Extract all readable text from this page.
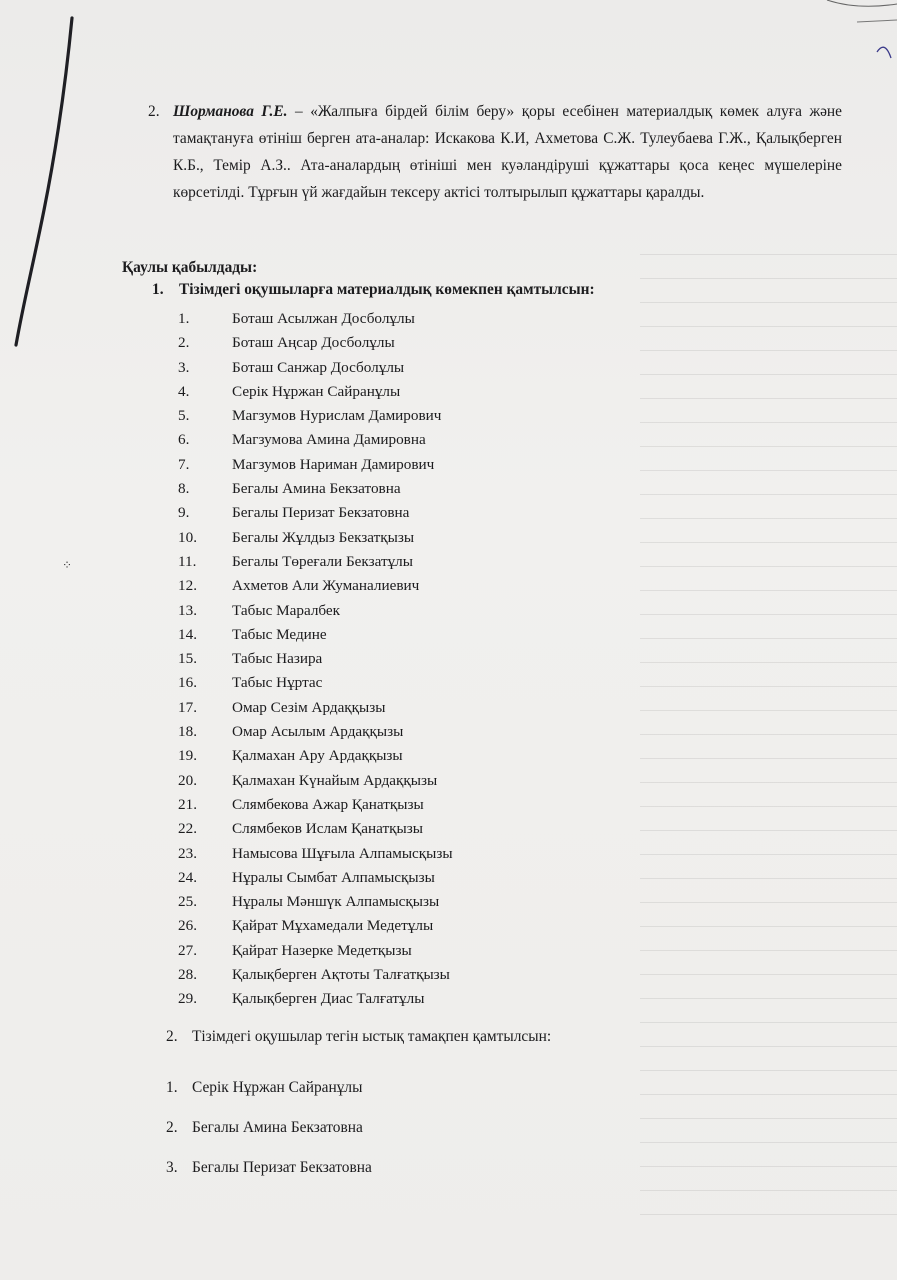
⁘
2. Шорманова Г.Е. – «Жалпыға бірдей білім беру» қоры есебінен материалдық көмек алуға және тамақтануға өтініш берген ата-аналар: Искакова К.И, Ахметова С.Ж. Тулеубаева Г.Ж., Қалықберген К.Б., Темір А.З.. Ата-аналардың өтініші мен куәландіруші құжаттары қоса кеңес мүшелеріне көрсетілді. Тұрғын үй жағдайын тексеру актісі толтырылып құжаттары қаралды.
Қаулы қабылдады:
1. Тізімдегі оқушыларға материалдық көмекпен қамтылсын:
1.	Боташ Асылжан Досболұлы
2.	Боташ Аңсар Досболұлы
3.	Боташ Санжар Досболұлы
4.	Серік Нұржан Сайранұлы
5.	Магзумов Нурислам Дамирович
6.	Магзумова Амина Дамировна
7.	Магзумов Нариман Дамирович
8.	Бегалы Амина Бекзатовна
9.	Бегалы Перизат Бекзатовна
10. Бегалы Жұлдыз Бекзатқызы
11. Бегалы Төреғали Бекзатұлы
12. Ахметов Али Жуманалиевич
13. Табыс Маралбек
14. Табыс Медине
15. Табыс Назира
16. Табыс Нұртас
17. Омар Сезім Ардаққызы
18. Омар Асылым Ардаққызы
19. Қалмахан Ару Ардаққызы
20. Қалмахан Күнайым Ардаққызы
21. Слямбекова Ажар Қанатқызы
22. Слямбеков Ислам Қанатқызы
23. Намысова Шұғыла Алпамысқызы
24. Нұралы Сымбат Алпамысқызы
25. Нұралы Мәншүк Алпамысқызы
26. Қайрат Мұхамедали Медетұлы
27. Қайрат Назерке Медетқызы
28. Қалықберген Ақтоты Талғатқызы
29. Қалықберген Диас Талғатұлы
2. Тізімдегі оқушылар тегін ыстық тамақпен қамтылсын:
1. Серік Нұржан Сайранұлы
2. Бегалы Амина Бекзатовна
3. Бегалы Перизат Бекзатовна
